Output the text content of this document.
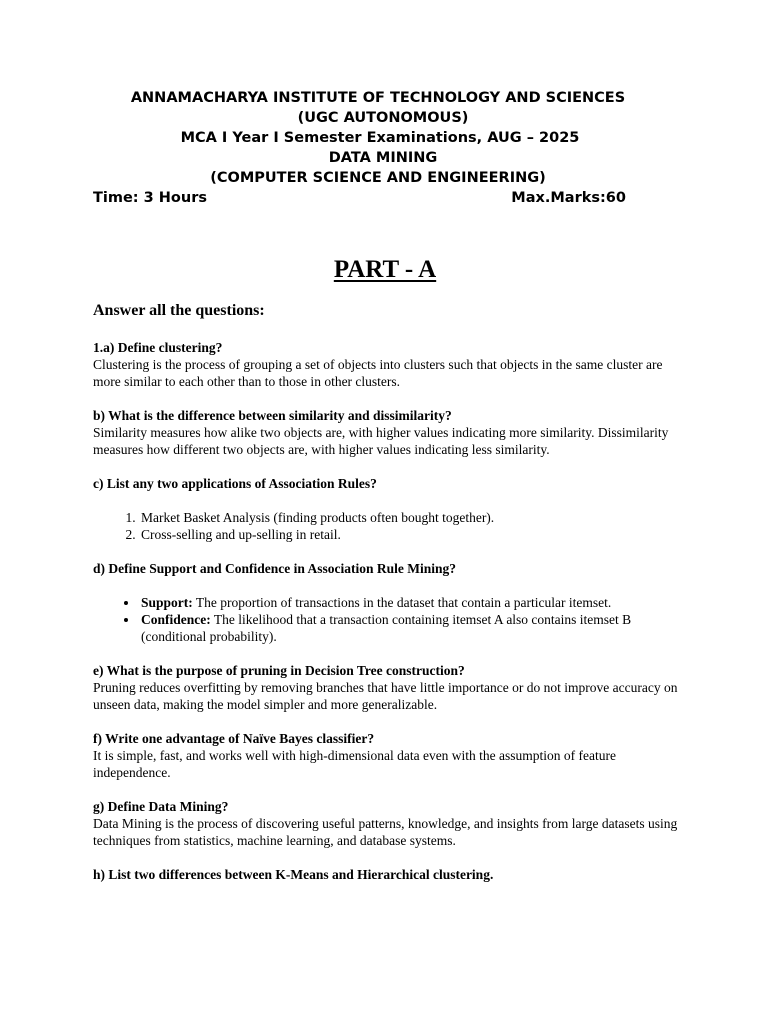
ANNAMACHARYA INSTITUTE OF TECHNOLOGY AND SCIENCES
(UGC AUTONOMOUS)
MCA I Year I Semester Examinations, AUG – 2025
DATA MINING
(COMPUTER SCIENCE AND ENGINEERING)
Time: 3 Hours	Max.Marks:60
PART - A
Answer all the questions:
1.a) Define clustering?
Clustering is the process of grouping a set of objects into clusters such that objects in the same cluster are more similar to each other than to those in other clusters.
b) What is the difference between similarity and dissimilarity?
Similarity measures how alike two objects are, with higher values indicating more similarity. Dissimilarity measures how different two objects are, with higher values indicating less similarity.
c) List any two applications of Association Rules?
1. Market Basket Analysis (finding products often bought together).
2. Cross-selling and up-selling in retail.
d) Define Support and Confidence in Association Rule Mining?
• Support: The proportion of transactions in the dataset that contain a particular itemset.
• Confidence: The likelihood that a transaction containing itemset A also contains itemset B (conditional probability).
e) What is the purpose of pruning in Decision Tree construction?
Pruning reduces overfitting by removing branches that have little importance or do not improve accuracy on unseen data, making the model simpler and more generalizable.
f) Write one advantage of Naïve Bayes classifier?
It is simple, fast, and works well with high-dimensional data even with the assumption of feature independence.
g) Define Data Mining?
Data Mining is the process of discovering useful patterns, knowledge, and insights from large datasets using techniques from statistics, machine learning, and database systems.
h) List two differences between K-Means and Hierarchical clustering.
